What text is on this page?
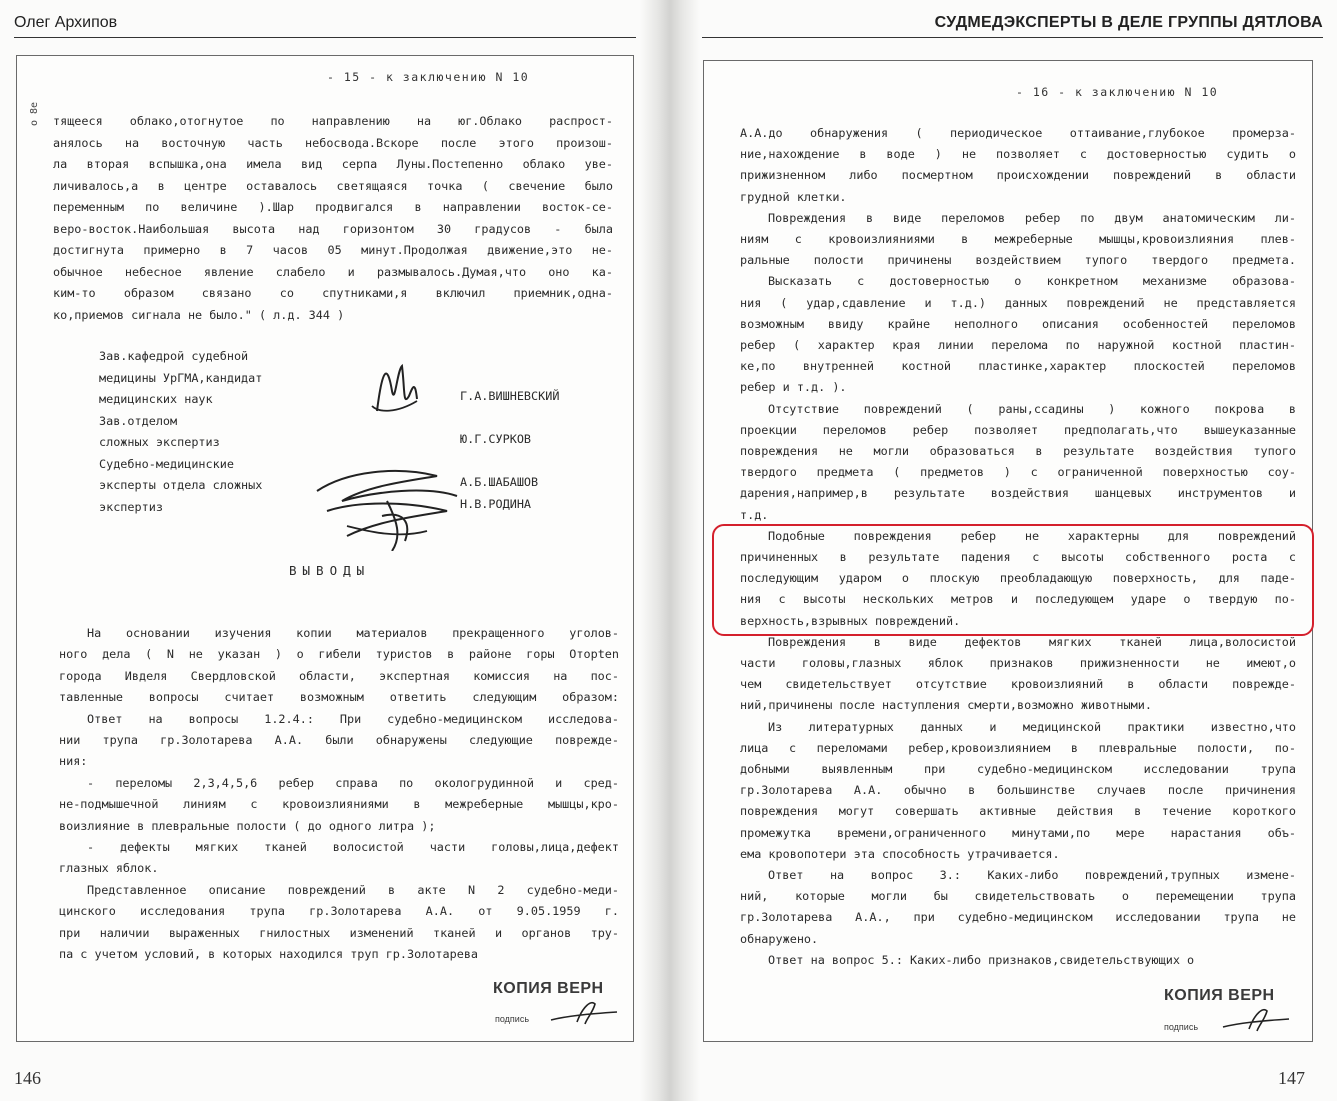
Олег Архипов	СУДМЕДЭКСПЕРТЫ В ДЕЛЕ ГРУППЫ ДЯТЛОВА
- 15 - к заключению N 10
о 8е тящееся облако,отогнутое по направлению на юг.Облако распрост-
анялось на восточную часть небосвода.Вскоре после этого произош-
ла вторая вспышка,она имела вид серпа Луны.Постепенно облако уве-
личивалось,а в центре оставалось светящаяся точка ( свечение было
переменным по величине ).Шар продвигался в направлении восток-се-
веро-восток.Наибольшая высота над горизонтом 30 градусов - была
достигнута примерно в 7 часов 05 минут.Продолжая движение,это не-
обычное небесное явление слабело и размывалось.Думая,что оно ка-
ким-то образом связано со спутниками,я включил приемник,одна-
ко,приемов сигнала не было." ( л.д. 344 )
Зав.кафедрой судебной
медицины УрГМА,кандидат
медицинских наук
Зав.отделом
сложных экспертиз
Судебно-медицинские
эксперты отдела сложных
экспертиз
Г.А.ВИШНЕВСКИЙ
Ю.Г.СУРКОВ
А.Б.ШАБАШОВ
Н.В.РОДИНА
ВЫВОДЫ
На основании изучения копии материалов прекращенного уголов-
ного дела ( N не указан ) о гибели туристов в районе горы Оторten
города Ивделя Свердловской области, экспертная комиссия на пос-
тавленные вопросы считает возможным ответить следующим образом:
Ответ на вопросы 1.2.4.: При судебно-медицинском исследова-
нии трупа гр.Золотарева А.А. были обнаружены следующие поврежде-
ния:
- переломы 2,3,4,5,6 ребер справа по окологрудинной и сред-
не-подмышечной линиям с кровоизлияниями в межреберные мышцы,кро-
воизлияние в плевральные полости ( до одного литра );
- дефекты мягких тканей волосистой части головы,лица,дефект
глазных яблок.
Представленное описание повреждений в акте N 2 судебно-меди-
цинского исследования трупа гр.Золотарева А.А. от 9.05.1959 г.
при наличии выраженных гнилостных изменений тканей и органов тру-
па с учетом условий, в которых находился труп гр.Золотарева
КОПИЯ ВЕРН
подпись
- 16 - к заключению N 10
А.А.до обнаружения ( периодическое оттаивание,глубокое промерза-
ние,нахождение в воде ) не позволяет с достоверностью судить о
прижизненном либо посмертном происхождении повреждений в области
грудной клетки.
Повреждения в виде переломов ребер по двум анатомическим ли-
ниям с кровоизлияниями в межреберные мышцы,кровоизлияния плев-
ральные полости причинены воздействием тупого твердого предмета.
Высказать с достоверностью о конкретном механизме образова-
ния ( удар,сдавление и т.д.) данных повреждений не представляется
возможным ввиду крайне неполного описания особенностей переломов
ребер ( характер края линии перелома по наружной костной пластин-
ке,по внутренней костной пластинке,характер плоскостей переломов
ребер и т.д. ).
Отсутствие повреждений ( раны,ссадины ) кожного покрова в
проекции переломов ребер позволяет предполагать,что вышеуказанные
повреждения не могли образоваться в результате воздействия тупого
твердого предмета ( предметов ) с ограниченной поверхностью соу-
дарения,например,в результате воздействия шанцевых инструментов и
т.д.
Подобные повреждения ребер не характерны для повреждений
причиненных в результате падения с высоты собственного роста с
последующим ударом о плоскую преобладающую поверхность, для паде-
ния с высоты нескольких метров и последующем ударе о твердую по-
верхность,взрывных повреждений.
Повреждения в виде дефектов мягких тканей лица,волосистой
части головы,глазных яблок признаков прижизненности не имеют,о
чем свидетельствует отсутствие кровоизлияний в области поврежде-
ний,причинены после наступления смерти,возможно животными.
Из литературных данных и медицинской практики известно,что
лица с переломами ребер,кровоизлиянием в плевральные полости, по-
добными выявленным при судебно-медицинском исследовании трупа
гр.Золотарева А.А. обычно в большинстве случаев после причинения
повреждения могут совершать активные действия в течение короткого
промежутка времени,ограниченного минутами,по мере нарастания объ-
ема кровопотери эта способность утрачивается.
Ответ на вопрос 3.: Каких-либо повреждений,трупных измене-
ний, которые могли бы свидетельствовать о перемещении трупа
гр.Золотарева А.А., при судебно-медицинском исследовании трупа не
обнаружено.
Ответ на вопрос 5.: Каких-либо признаков,свидетельствующих о
КОПИЯ ВЕРН
подпись
146	147
